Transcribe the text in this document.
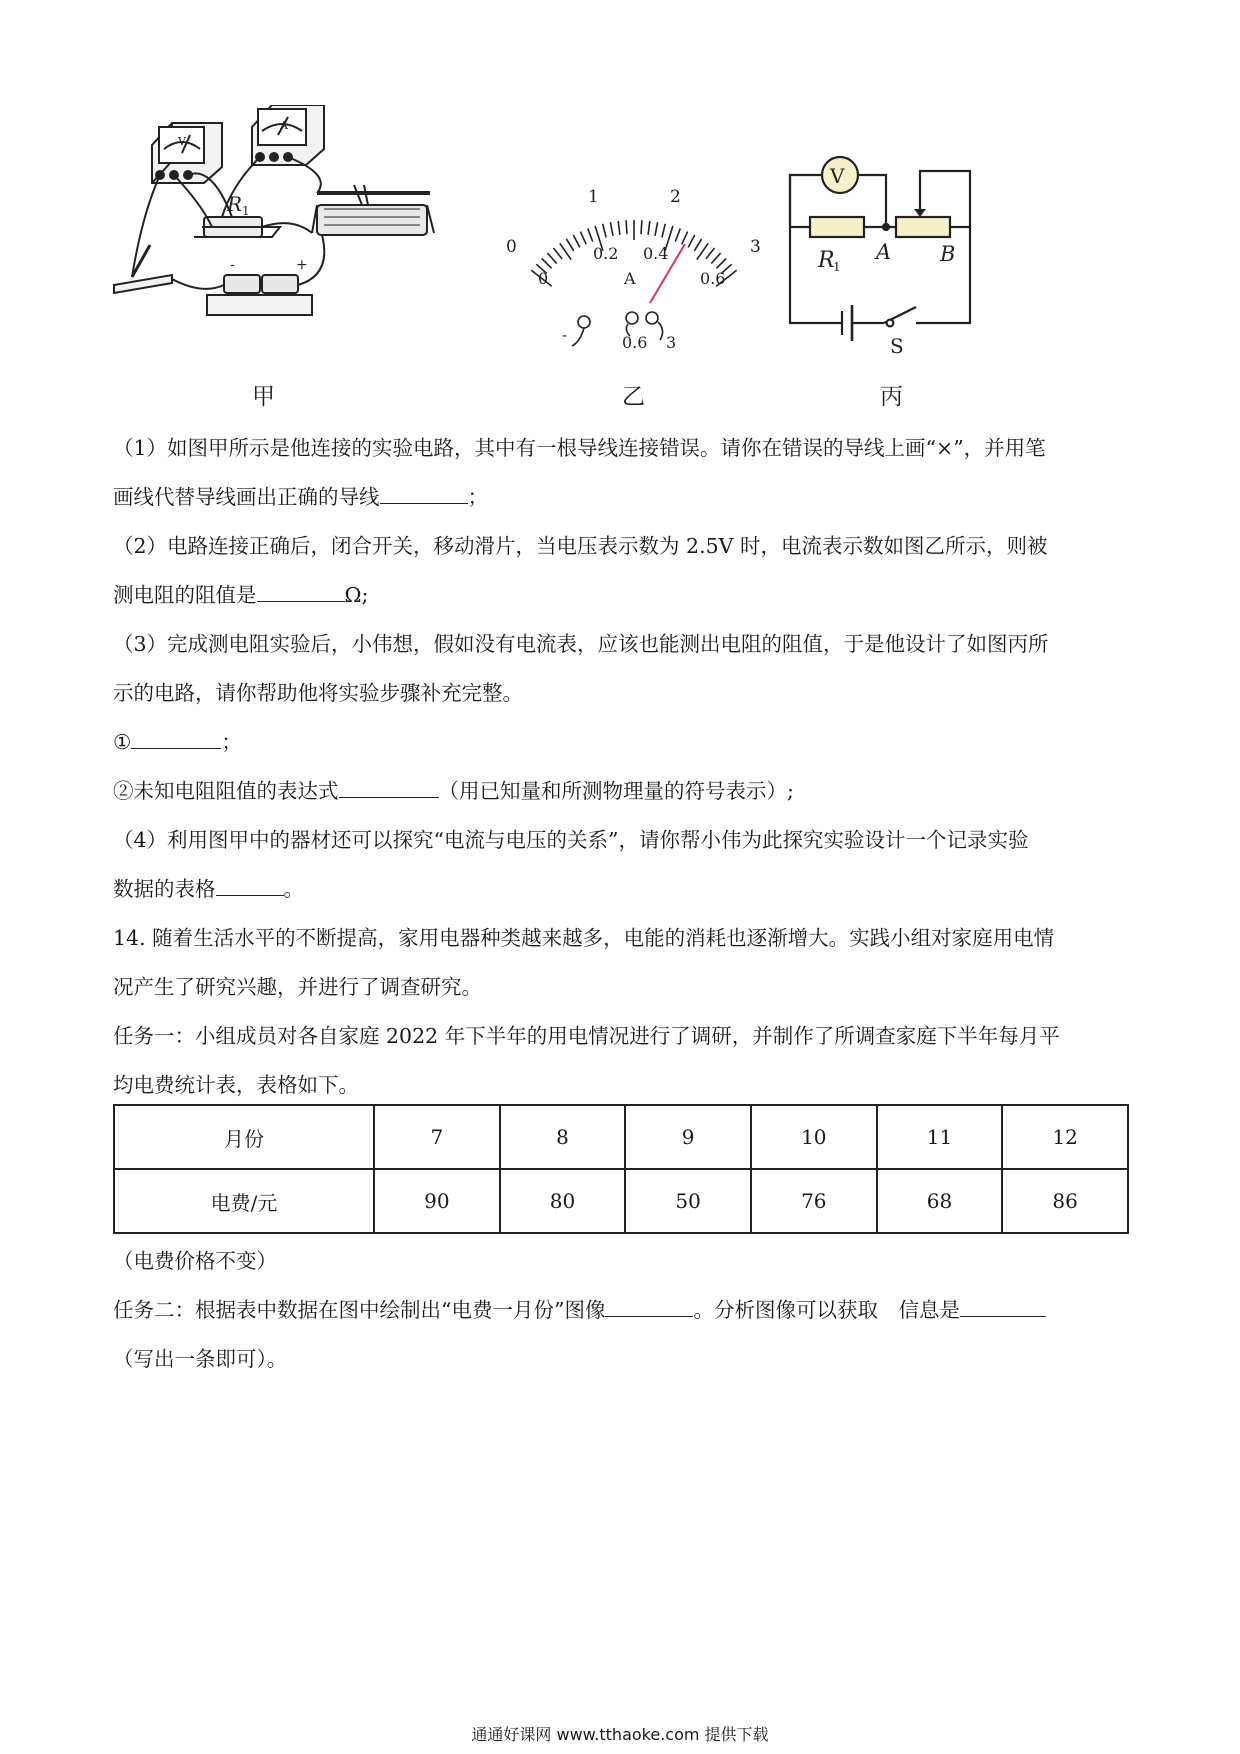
V
A
R 1
-	+
甲
0
1	2
3
0
0.2 0.4
0.6
A
-	0.6 3
乙
V
R
1
A B
S
丙
（1）如图甲所示是他连接的实验电路，其中有一根导线连接错误。请你在错误的导线上画“×”，并用笔
画线代替导线画出正确的导线	；
（2）电路连接正确后，闭合开关，移动滑片，当电压表示数为 2.5V 时，电流表示数如图乙所示，则被
测电阻的阻值是	Ω;
（3）完成测电阻实验后，小伟想，假如没有电流表，应该也能测出电阻的阻值，于是他设计了如图丙所
示的电路，请你帮助他将实验步骤补充完整。
①	；
②未知电阻阻值的表达式	（用已知量和所测物理量的符号表示）;
（4）利用图甲中的器材还可以探究“电流与电压的关系”，请你帮小伟为此探究实验设计一个记录实验
数据的表格	。
14. 随着生活水平的不断提高，家用电器种类越来越多，电能的消耗也逐渐增大。实践小组对家庭用电情
况产生了研究兴趣，并进行了调查研究。
任务一：小组成员对各自家庭 2022 年下半年的用电情况进行了调研，并制作了所调查家庭下半年每月平
均电费统计表，表格如下。
月份	7	8	9	10	11	12
电费/元	90	80	50	76	68	86
（电费价格不变）
任务二：根据表中数据在图中绘制出“电费一月份”图像	。分析图像可以获取　信息是
（写出一条即可）。
通通好课网 www.tthaoke.com 提供下载
